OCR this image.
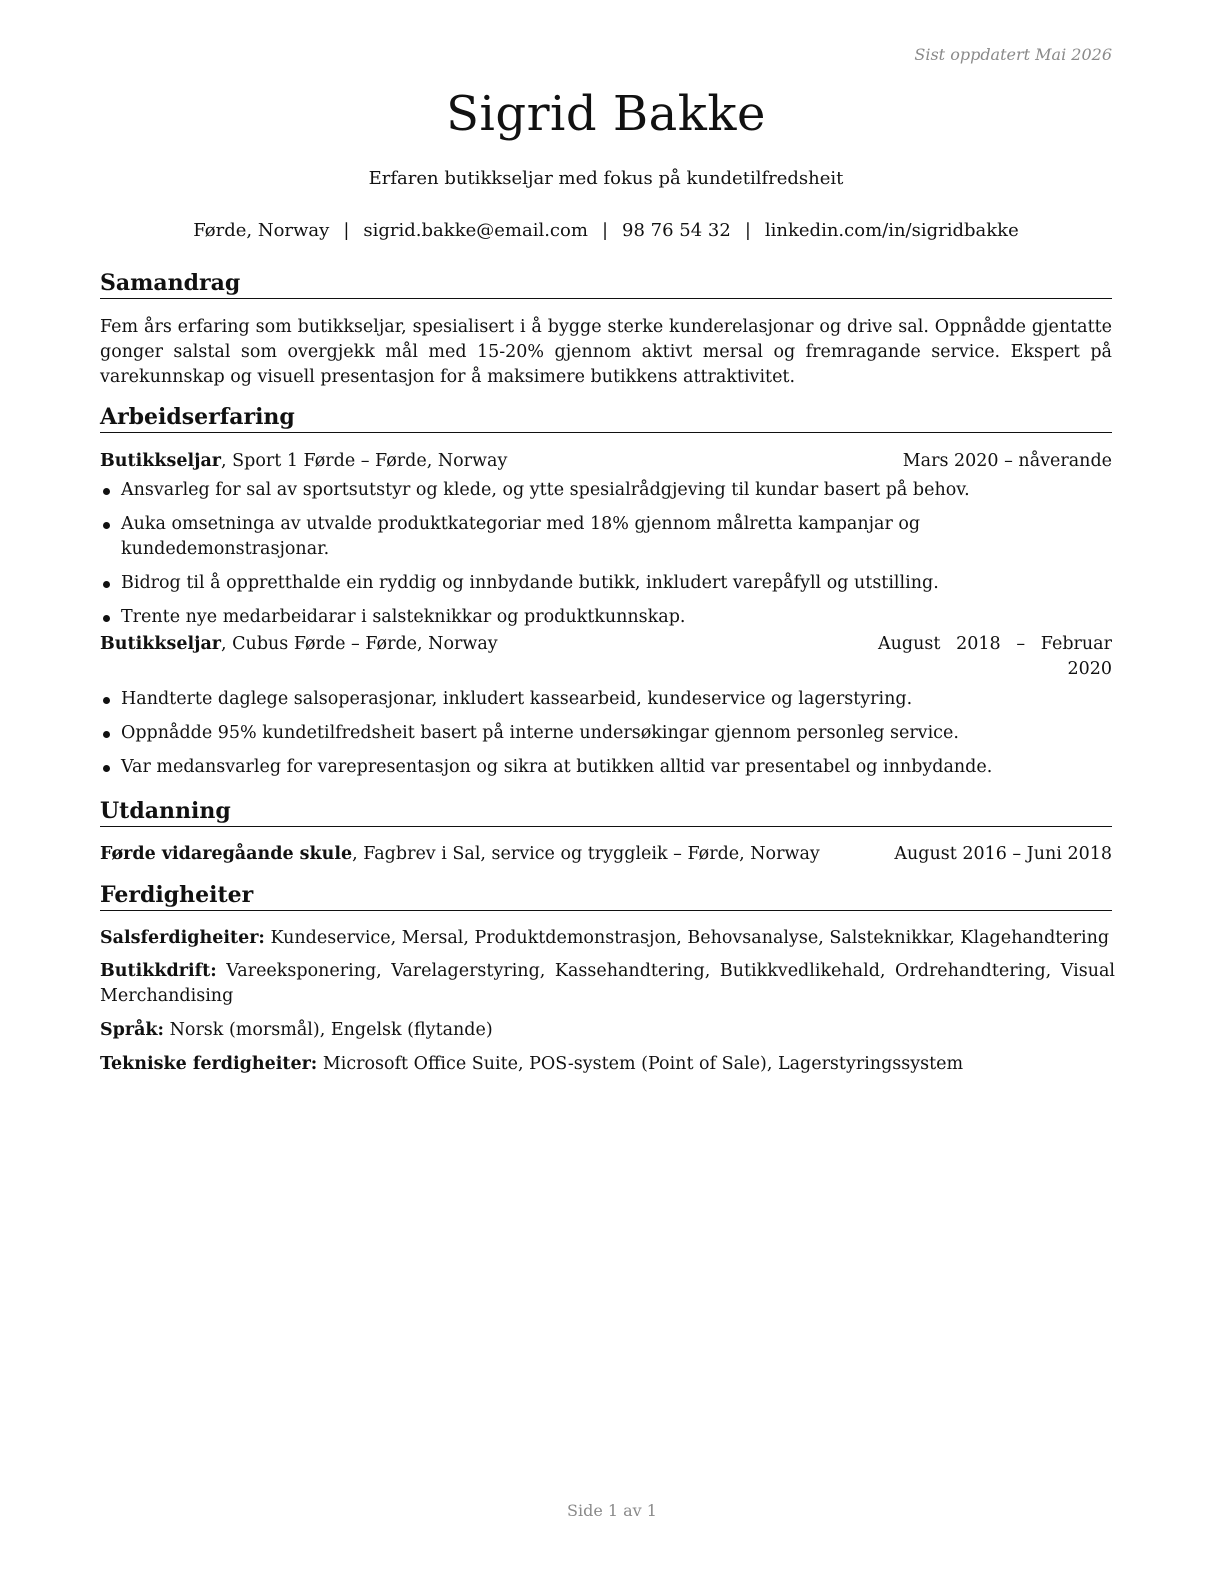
Sist oppdatert Mai 2026
Sigrid Bakke
Erfaren butikkseljar med fokus på kundetilfredsheit
Førde, Norway | sigrid.bakke@email.com | 98 76 54 32 | linkedin.com/in/sigridbakke
Samandrag
Fem års erfaring som butikkseljar, spesialisert i å bygge sterke kunderelasjonar og drive sal. Oppnådde gjentatte gonger salstal som overgjekk mål med 15-20% gjennom aktivt mersal og fremragande service. Ekspert på varekunnskap og visuell presentasjon for å maksimere butikkens attraktivitet.
Arbeidserfaring
Butikkseljar, Sport 1 Førde – Førde, Norway	Mars 2020 – nåverande
Ansvarleg for sal av sportsutstyr og klede, og ytte spesialrådgjeving til kundar basert på behov.
Auka omsetninga av utvalde produktkategoriar med 18% gjennom målretta kampanjar og kundedemonstrasjonar.
Bidrog til å oppretthalde ein ryddig og innbydande butikk, inkludert varepåfyll og utstilling.
Trente nye medarbeidarar i salsteknikkar og produktkunnskap.
Butikkseljar, Cubus Førde – Førde, Norway	August 2018 – Februar 2020
Handterte daglege salsoperasjonar, inkludert kassearbeid, kundeservice og lagerstyring.
Oppnådde 95% kundetilfredsheit basert på interne undersøkingar gjennom personleg service.
Var medansvarleg for varepresentasjon og sikra at butikken alltid var presentabel og innbydande.
Utdanning
Førde vidaregåande skule, Fagbrev i Sal, service og tryggleik – Førde, Norway	August 2016 – Juni 2018
Ferdigheiter
Salsferdigheiter: Kundeservice, Mersal, Produktdemonstrasjon, Behovsanalyse, Salsteknikkar, Klagehandtering
Butikkdrift: Vareeksponering, Varelagerstyring, Kassehandtering, Butikkvedlikehald, Ordrehandtering, Visual Merchandising
Språk: Norsk (morsmål), Engelsk (flytande)
Tekniske ferdigheiter: Microsoft Office Suite, POS-system (Point of Sale), Lagerstyringssystem
Side 1 av 1
